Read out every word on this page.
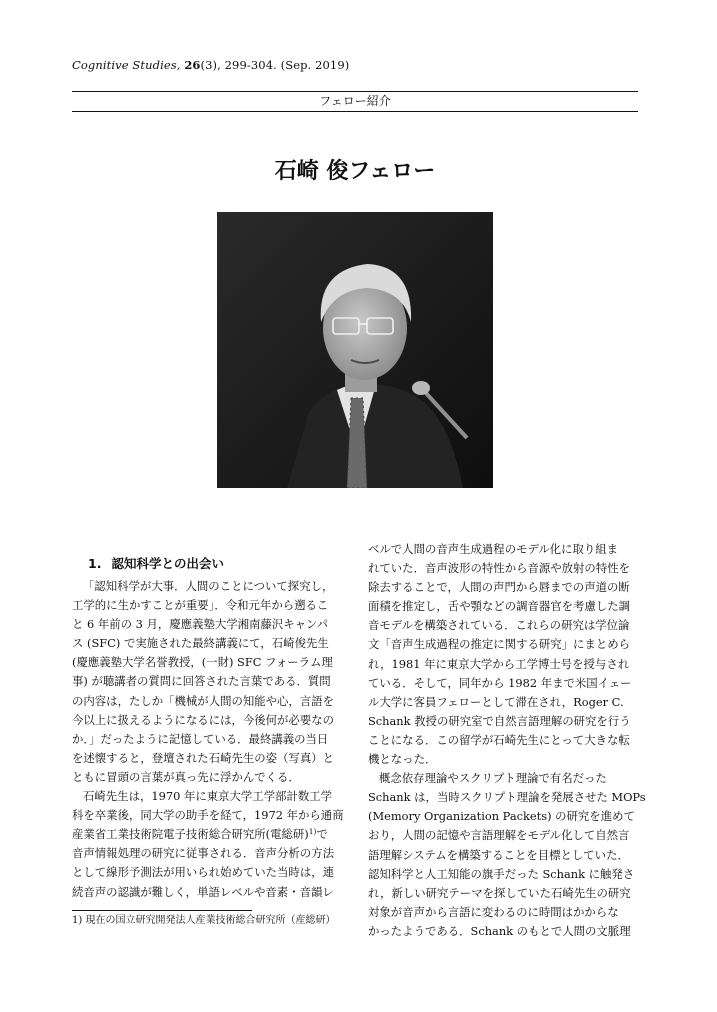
Cognitive Studies, 26(3), 299-304. (Sep. 2019)
フェロー紹介
石崎 俊フェロー
1. 認知科学との出会い

「認知科学が大事．人間のことについて探究し，

工学的に生かすことが重要」．令和元年から遡るこ

と 6 年前の 3 月，慶應義塾大学湘南藤沢キャンパ

ス (SFC) で実施された最終講義にて，石崎俊先生

(慶應義塾大学名誉教授，(一財) SFC フォーラム理

事) が聴講者の質問に回答された言葉である．質問

の内容は，たしか「機械が人間の知能や心，言語を

今以上に扱えるようになるには，今後何が必要なの

か．」だったように記憶している．最終講義の当日

を述懐すると，登壇された石崎先生の姿（写真）と

ともに冒頭の言葉が真っ先に浮かんでくる．

石崎先生は，1970 年に東京大学工学部計数工学

科を卒業後，同大学の助手を経て，1972 年から通商

産業省工業技術院電子技術総合研究所(電総研)$^{1)}$で

音声情報処理の研究に従事される．音声分析の方法

として線形予測法が用いられ始めていた当時は，連

続音声の認識が難しく，単語レベルや音素・音韻レ

1) 現在の国立研究開発法人産業技術総合研究所（産総研）

ベルで人間の音声生成過程のモデル化に取り組ま

れていた．音声波形の特性から音源や放射の特性を

除去することで，人間の声門から唇までの声道の断

面積を推定し，舌や顎などの調音器官を考慮した調

音モデルを構築されている．これらの研究は学位論

文「音声生成過程の推定に関する研究」にまとめら

れ，1981 年に東京大学から工学博士号を授与され

ている．そして，同年から 1982 年まで米国イェー

ル大学に客員フェローとして滞在され，Roger C.

Schank 教授の研究室で自然言語理解の研究を行う

ことになる．この留学が石崎先生にとって大きな転

機となった．

概念依存理論やスクリプト理論で有名だった

Schank は，当時スクリプト理論を発展させた MOPs

(Memory Organization Packets) の研究を進めて

おり，人間の記憶や言語理解をモデル化して自然言

語理解システムを構築することを目標としていた．

認知科学と人工知能の旗手だった Schank に触発さ

れ，新しい研究テーマを探していた石崎先生の研究

対象が音声から言語に変わるのに時間はかからな

かったようである．Schank のもとで人間の文脈理
